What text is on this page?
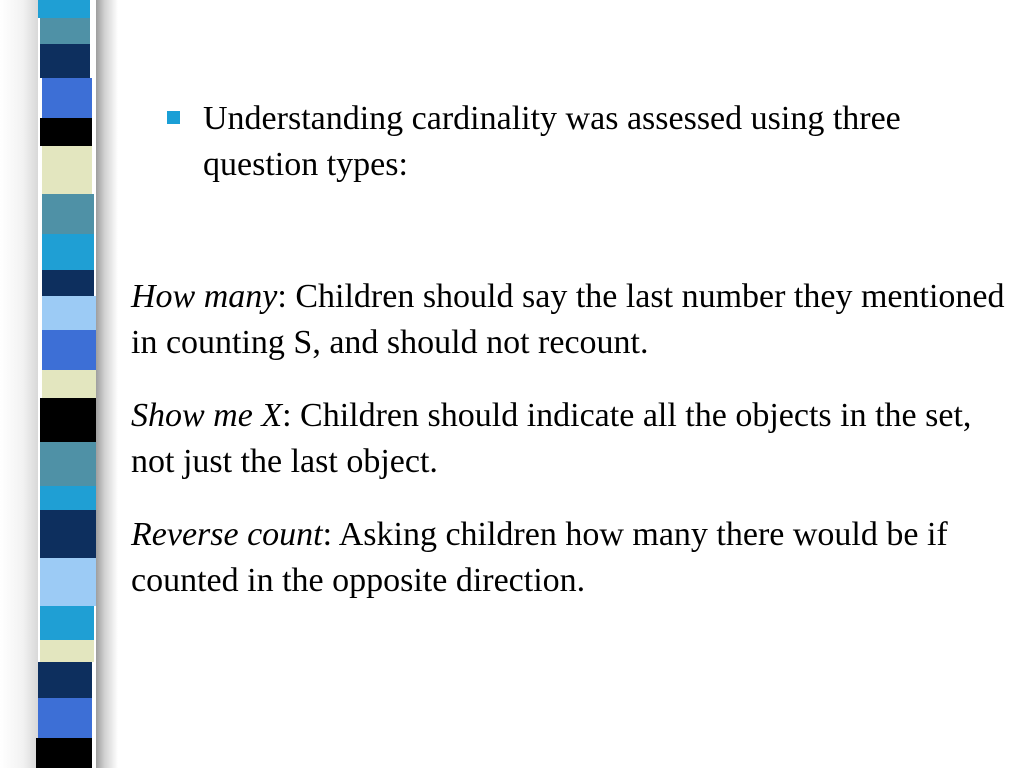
Understanding cardinality was assessed using three question types:

How many: Children should say the last number they mentioned in counting S, and should not recount.

Show me X: Children should indicate all the objects in the set, not just the last object.

Reverse count: Asking children how many there would be if counted in the opposite direction.
